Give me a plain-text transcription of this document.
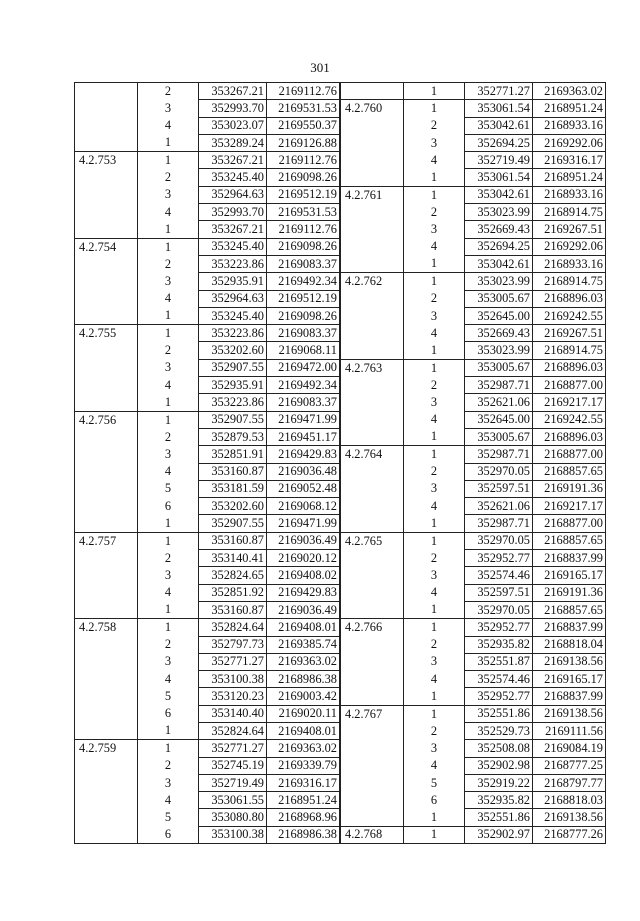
301
	2	353267.21	2169112.76
	3	352993.70	2169531.53
	4	353023.07	2169550.37
	1	353289.24	2169126.88
4.2.753	1	353267.21	2169112.76
	2	353245.40	2169098.26
	3	352964.63	2169512.19
	4	352993.70	2169531.53
	1	353267.21	2169112.76
4.2.754	1	353245.40	2169098.26
	2	353223.86	2169083.37
	3	352935.91	2169492.34
	4	352964.63	2169512.19
	1	353245.40	2169098.26
4.2.755	1	353223.86	2169083.37
	2	353202.60	2169068.11
	3	352907.55	2169472.00
	4	352935.91	2169492.34
	1	353223.86	2169083.37
4.2.756	1	352907.55	2169471.99
	2	352879.53	2169451.17
	3	352851.91	2169429.83
	4	353160.87	2169036.48
	5	353181.59	2169052.48
	6	353202.60	2169068.12
	1	352907.55	2169471.99
4.2.757	1	353160.87	2169036.49
	2	353140.41	2169020.12
	3	352824.65	2169408.02
	4	352851.92	2169429.83
	1	353160.87	2169036.49
4.2.758	1	352824.64	2169408.01
	2	352797.73	2169385.74
	3	352771.27	2169363.02
	4	353100.38	2168986.38
	5	353120.23	2169003.42
	6	353140.40	2169020.11
	1	352824.64	2169408.01
4.2.759	1	352771.27	2169363.02
	2	352745.19	2169339.79
	3	352719.49	2169316.17
	4	353061.55	2168951.24
	5	353080.80	2168968.96
	6	353100.38	2168986.38
	1	352771.27	2169363.02
4.2.760	1	353061.54	2168951.24
	2	353042.61	2168933.16
	3	352694.25	2169292.06
	4	352719.49	2169316.17
	1	353061.54	2168951.24
4.2.761	1	353042.61	2168933.16
	2	353023.99	2168914.75
	3	352669.43	2169267.51
	4	352694.25	2169292.06
	1	353042.61	2168933.16
4.2.762	1	353023.99	2168914.75
	2	353005.67	2168896.03
	3	352645.00	2169242.55
	4	352669.43	2169267.51
	1	353023.99	2168914.75
4.2.763	1	353005.67	2168896.03
	2	352987.71	2168877.00
	3	352621.06	2169217.17
	4	352645.00	2169242.55
	1	353005.67	2168896.03
4.2.764	1	352987.71	2168877.00
	2	352970.05	2168857.65
	3	352597.51	2169191.36
	4	352621.06	2169217.17
	1	352987.71	2168877.00
4.2.765	1	352970.05	2168857.65
	2	352952.77	2168837.99
	3	352574.46	2169165.17
	4	352597.51	2169191.36
	1	352970.05	2168857.65
4.2.766	1	352952.77	2168837.99
	2	352935.82	2168818.04
	3	352551.87	2169138.56
	4	352574.46	2169165.17
	1	352952.77	2168837.99
4.2.767	1	352551.86	2169138.56
	2	352529.73	2169111.56
	3	352508.08	2169084.19
	4	352902.98	2168777.25
	5	352919.22	2168797.77
	6	352935.82	2168818.03
	1	352551.86	2169138.56
4.2.768	1	352902.97	2168777.26
